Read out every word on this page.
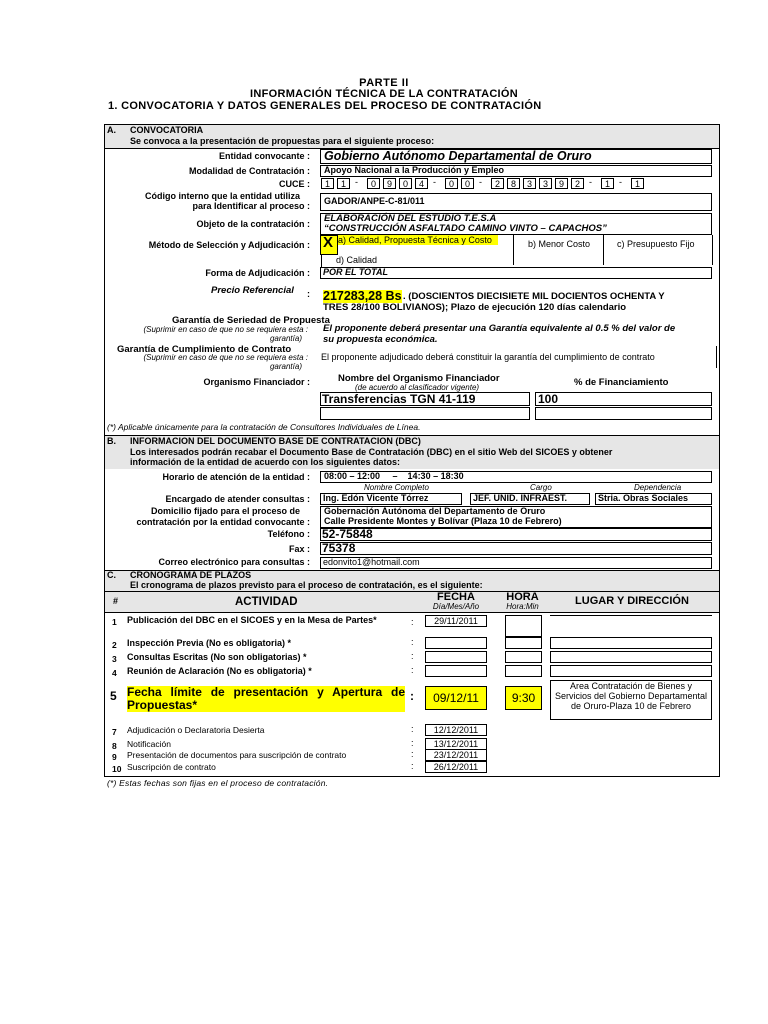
PARTE II
INFORMACIÓN TÉCNICA DE LA CONTRATACIÓN
1. CONVOCATORIA Y DATOS GENERALES DEL PROCESO DE CONTRATACIÓN
A. CONVOCATORIA
Se convoca a la presentación de propuestas para el siguiente proceso:
Entidad convocante : Gobierno Autónomo Departamental de Oruro
Modalidad de Contratación : Apoyo Nacional a la Producción y Empleo
CUCE :	1	1	-	0	9	0	4	-	0	0	-	2	8	3	3	9	2	-	1	-	1
Código interno que la entidad utiliza
para Identificar al proceso : GADOR/ANPE-C-81/011
Objeto de la contratación : ELABORACIÓN DEL ESTUDIO T.E.S.A
“CONSTRUCCIÓN ASFALTADO CAMINO VINTO – CAPACHOS”
Método de Selección y Adjudicación : X a) Calidad, Propuesta Técnica y Costo	b) Menor Costo	c) Presupuesto Fijo
d) Calidad
Forma de Adjudicación : POR EL TOTAL
Precio Referencial : 217283,28 Bs . (DOSCIENTOS DIECISIETE MIL DOCIENTOS OCHENTA Y
TRES 28/100 BOLIVIANOS); Plazo de ejecución 120 días calendario
Garantía de Seriedad de Propuesta
(Suprimir en caso de que no se requiera esta :
garantía)
El proponente deberá presentar una Garantía equivalente al 0.5 % del valor de
su propuesta económica.
Garantía de Cumplimiento de Contrato
(Suprimir en caso de que no se requiera esta :
garantía)
El proponente adjudicado deberá constituir la garantía del cumplimiento de contrato
Nombre del Organismo Financiador
(de acuerdo al clasificador vigente)	% de Financiamiento
Organismo Financiador :
Transferencias TGN 41-119	100
(*) Aplicable únicamente para la contratación de Consultores Individuales de Línea.
B. INFORMACION DEL DOCUMENTO BASE DE CONTRATACION (DBC)
Los interesados podrán recabar el Documento Base de Contratación (DBC) en el sitio Web del SICOES y obtener
información de la entidad de acuerdo con los siguientes datos:
Horario de atención de la entidad : 08:00 – 12:00     –    14:30 – 18:30
Nombre Completo	Cargo	Dependencia
Encargado de atender consultas : Ing. Edón Vicente Tórrez	JEF. UNID. INFRAEST.	Stria. Obras Sociales
Domicilio fijado para el proceso de
contratación por la entidad convocante :
Gobernación Autónoma del Departamento de Oruro
Calle Presidente Montes y Bolívar (Plaza 10 de Febrero)
Teléfono : 52-75848
Fax : 75378
Correo electrónico para consultas : edonvito1@hotmail.com
C. CRONOGRAMA DE PLAZOS
El cronograma de plazos previsto para el proceso de contratación, es el siguiente:
#	ACTIVIDAD	FECHA
Día/Mes/Año
HORA
Hora:Min	LUGAR Y DIRECCIÓN
1 Publicación del DBC en el SICOES y en la Mesa de Partes*	:	29/11/2011
2 Inspección Previa (No es obligatoria) *	:
3 Consultas Escritas (No son obligatorias) *	:
4 Reunión de Aclaración (No es obligatoria) *	:
5 Fecha límite de presentación y Apertura de Propuestas*
:	09/12/11	9:30
Area Contratación de Bienes y Servicios del Gobierno Departamental de Oruro-Plaza 10 de Febrero
7 Adjudicación o Declaratoria Desierta	:	12/12/2011
8 Notificación	:	13/12/2011
9 Presentación de documentos para suscripción de contrato	:	23/12/2011
10 Suscripción de contrato	:	26/12/2011
(*) Estas fechas son fijas en el proceso de contratación.
